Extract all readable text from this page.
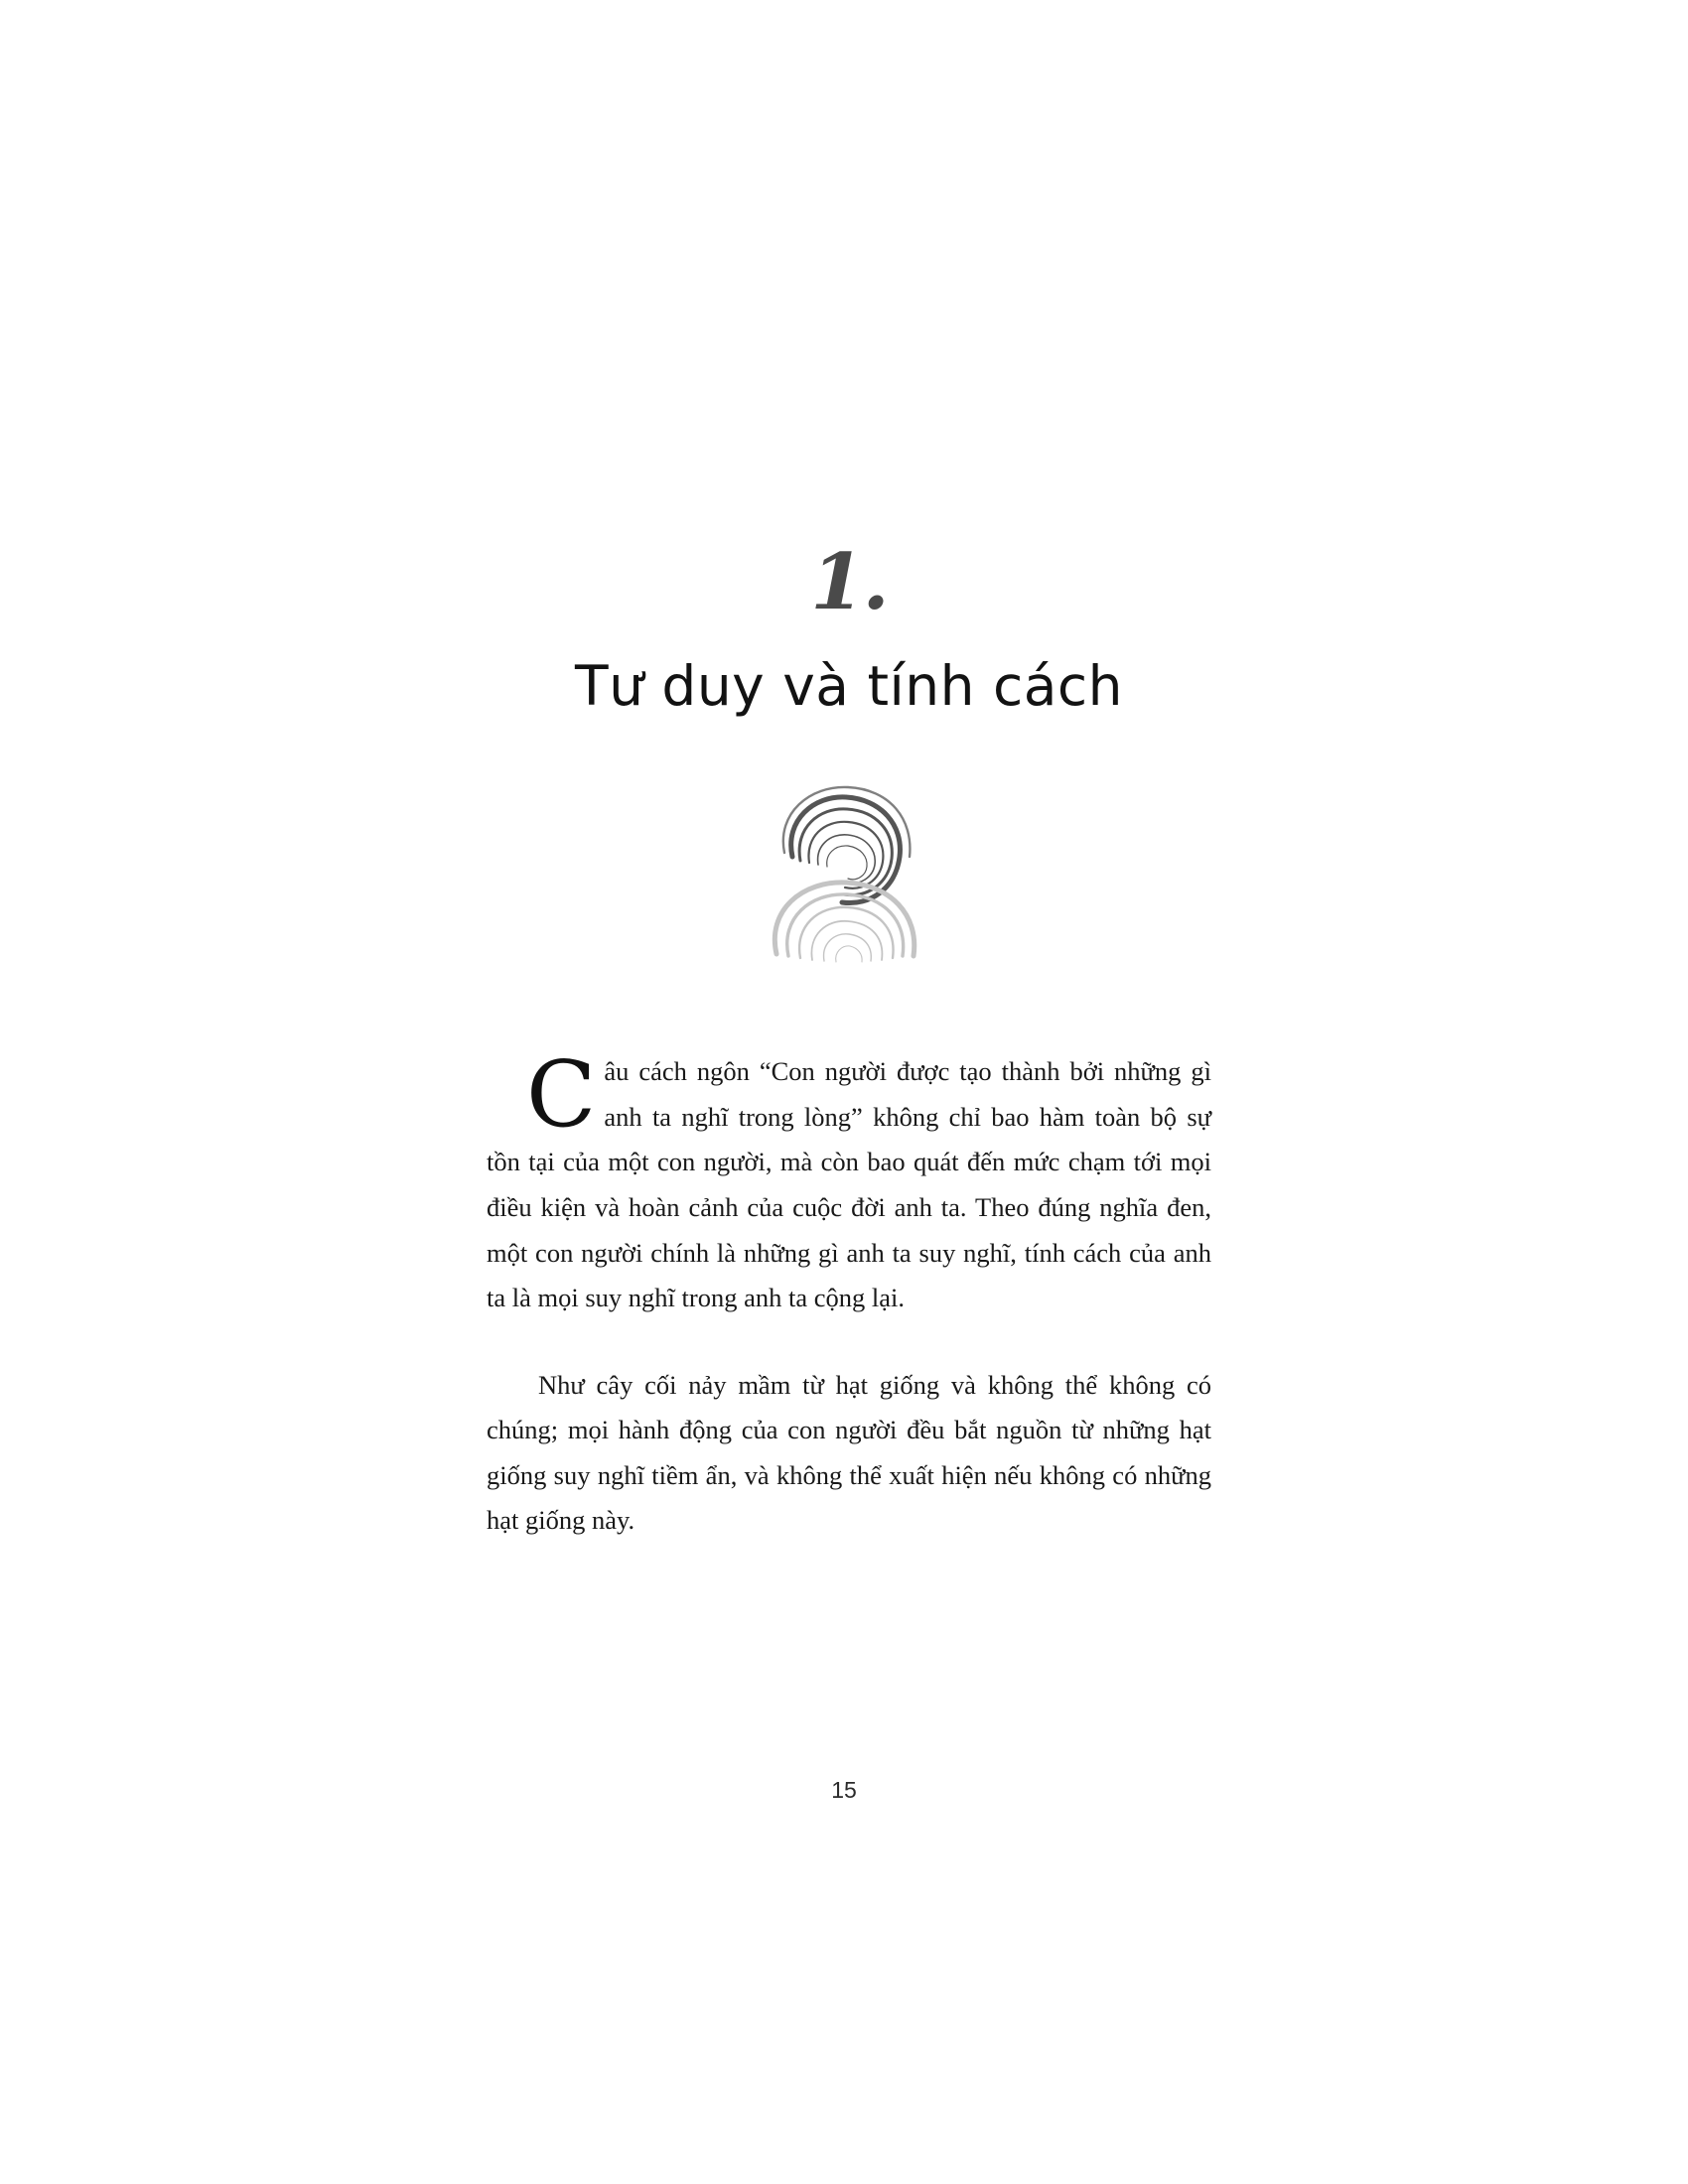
1.
Tư duy và tính cách

Câu cách ngôn “Con người được tạo thành bởi những gì anh ta nghĩ trong lòng” không chỉ bao hàm toàn bộ sự tồn tại của một con người, mà còn bao quát đến mức chạm tới mọi điều kiện và hoàn cảnh của cuộc đời anh ta. Theo đúng nghĩa đen, một con người chính là những gì anh ta suy nghĩ, tính cách của anh ta là mọi suy nghĩ trong anh ta cộng lại.

Như cây cối nảy mầm từ hạt giống và không thể không có chúng; mọi hành động của con người đều bắt nguồn từ những hạt giống suy nghĩ tiềm ẩn, và không thể xuất hiện nếu không có những hạt giống này.

15
